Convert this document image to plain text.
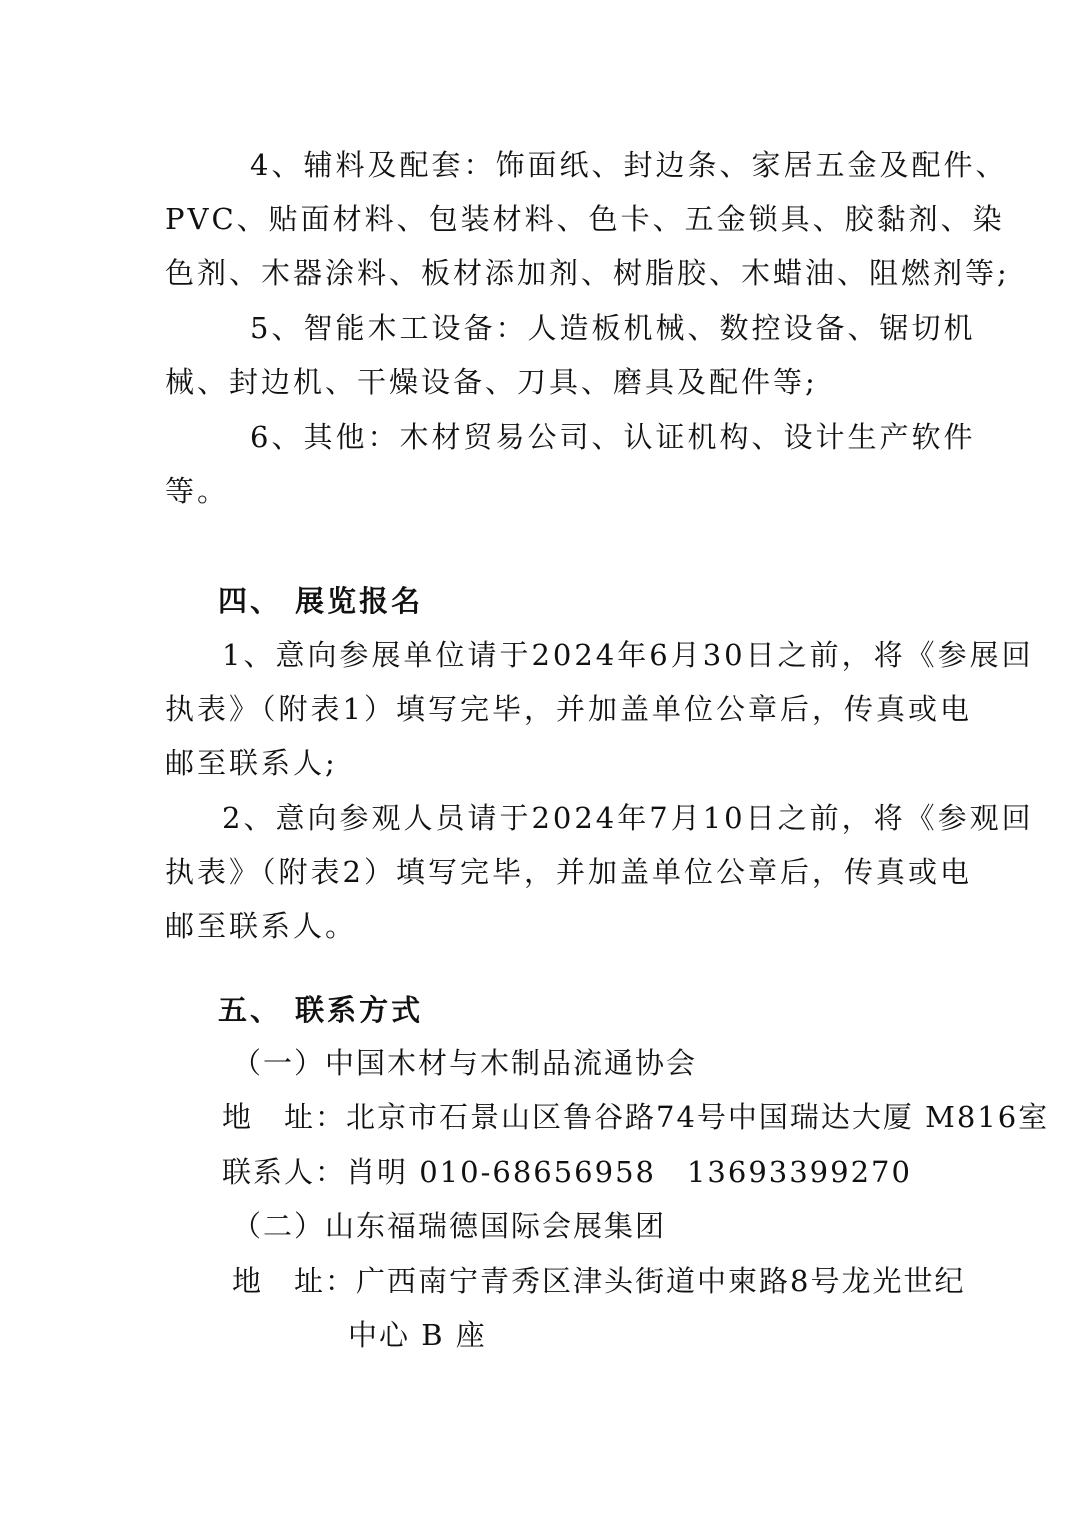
4、辅料及配套：饰面纸、封边条、家居五金及配件、
PVC、贴面材料、包装材料、色卡、五金锁具、胶黏剂、染
色剂、木器涂料、板材添加剂、树脂胶、木蜡油、阻燃剂等;
5、智能木工设备：人造板机械、数控设备、锯切机
械、封边机、干燥设备、刀具、磨具及配件等;
6、其他：木材贸易公司、认证机构、设计生产软件
等。
四、 展览报名
1、意向参展单位请于2024年6月30日之前，将《参展回
执表》（附表1）填写完毕，并加盖单位公章后，传真或电
邮至联系人;
2、意向参观人员请于2024年7月10日之前，将《参观回
执表》（附表2）填写完毕，并加盖单位公章后，传真或电
邮至联系人。
五、 联系方式
（一）中国木材与木制品流通协会
地　址：北京市石景山区鲁谷路74号中国瑞达大厦 M816室
联系人：肖明 010-68656958　13693399270
（二）山东福瑞德国际会展集团
地　址：广西南宁青秀区津头街道中柬路8号龙光世纪
中心 B 座
